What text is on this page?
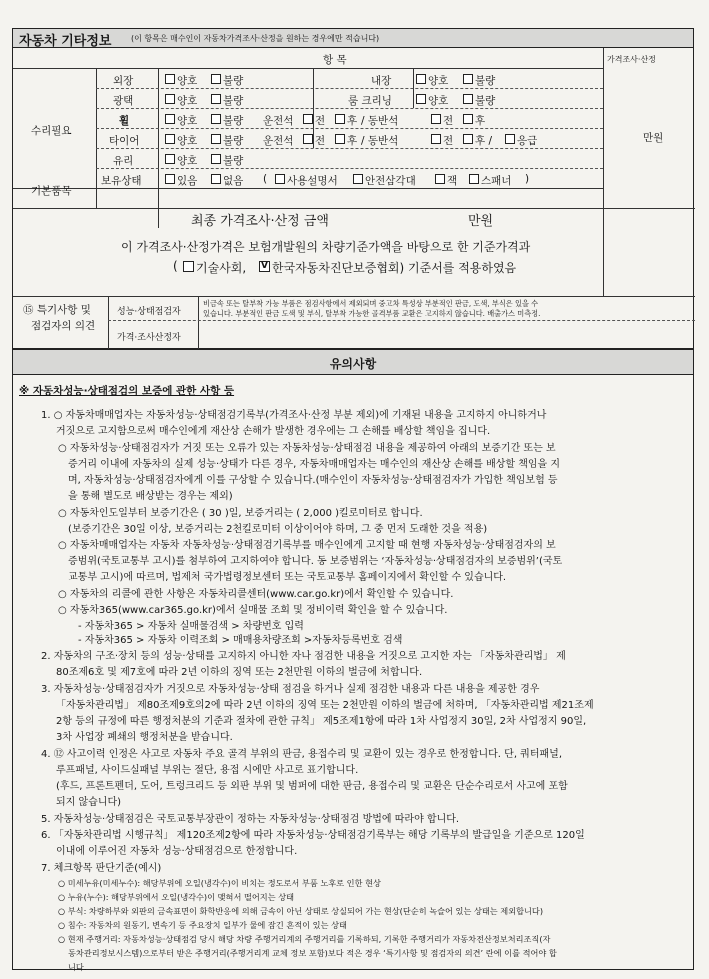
자동차 기타정보 (이 항목은 매수인이 자동차가격조사·산정을 원하는 경우에만 적습니다)
항 목	가격조사·산정
수리필요
기본품목
만원
외장	양호 불량	내장	양호	불량
광택	양호 불량	룸 크리닝	양호	불량
휠	양호 불량 운전석 전 후 / 동반석	전 후
타이어	양호 불량 운전석 전 후 / 동반석	전 후 / 응급
유리	양호 불량
보유상태	있음 없음 ( 사용설명서	안전삼각대	잭 스패너 )
최종 가격조사·산정 금액	만원
이 가격조사·산정가격은 보험개발원의 차량기준가액을 바탕으로 한 기준가격과
( 기술사회, V 한국자동차진단보증협회) 기준서를 적용하였음
⑮ 특기사항 및
점검자의 의견
성능·상태점검자
가격·조사산정자
비금속 또는 탈부착 가능 부품은 점검사항에서 제외되며 중고차 특성상 부분적인 판금, 도색, 부식은 있을 수
있습니다. 부분적인 판금 도색 및 부식, 탈부착 가능한 골격부품 교환은 고지하지 않습니다. 배출가스 미측정.
유의사항
※ 자동차성능·상태점검의 보증에 관한 사항 등
1. ○ 자동차매매업자는 자동차성능·상태점검기록부(가격조사·산정 부분 제외)에 기재된 내용을 고지하지 아니하거나
거짓으로 고지함으로써 매수인에게 재산상 손해가 발생한 경우에는 그 손해를 배상할 책임을 집니다.
○ 자동차성능·상태점검자가 거짓 또는 오류가 있는 자동차성능·상태점검 내용을 제공하여 아래의 보증기간 또는 보
증거리 이내에 자동차의 실제 성능·상태가 다른 경우, 자동차매매업자는 매수인의 재산상 손해를 배상할 책임을 지
며, 자동차성능·상태점검자에게 이를 구상할 수 있습니다.(매수인이 자동차성능·상태점검자가 가입한 책임보험 등
을 통해 별도로 배상받는 경우는 제외)
○ 자동차인도일부터 보증기간은 ( 30 )일, 보증거리는 ( 2,000 )킬로미터로 합니다.
(보증기간은 30일 이상, 보증거리는 2천킬로미터 이상이어야 하며, 그 중 먼저 도래한 것을 적용)
○ 자동차매매업자는 자동차 자동차성능·상태점검기록부를 매수인에게 고지할 때 현행 자동차성능·상태점검자의 보
증범위(국토교통부 고시)를 첨부하여 고지하여야 합니다. 동 보증범위는 ‘자동차성능·상태점검자의 보증범위’(국토
교통부 고시)에 따르며, 법제처 국가법령정보센터 또는 국토교통부 홈페이지에서 확인할 수 있습니다.
○ 자동차의 리콜에 관한 사항은 자동차리콜센터(www.car.go.kr)에서 확인할 수 있습니다.
○ 자동차365(www.car365.go.kr)에서 실매물 조회 및 정비이력 확인을 할 수 있습니다.
- 자동차365 > 자동차 실매물검색 > 차량번호 입력
- 자동차365 > 자동차 이력조회 > 매매용차량조회 >자동차등록번호 검색
2. 자동차의 구조·장치 등의 성능·상태를 고지하지 아니한 자나 점검한 내용을 거짓으로 고지한 자는 「자동차관리법」 제
80조제6호 및 제7호에 따라 2년 이하의 징역 또는 2천만원 이하의 벌금에 처합니다.
3. 자동차성능·상태점검자가 거짓으로 자동차성능·상태 점검을 하거나 실제 점검한 내용과 다른 내용을 제공한 경우
「자동차관리법」 제80조제9호의2에 따라 2년 이하의 징역 또는 2천만원 이하의 벌금에 처하며, 「자동차관리법 제21조제
2항 등의 규정에 따른 행정처분의 기준과 절차에 관한 규칙」 제5조제1항에 따라 1차 사업정지 30일, 2차 사업정지 90일,
3차 사업장 폐쇄의 행정처분을 받습니다.
4. ⑫ 사고이력 인정은 사고로 자동차 주요 골격 부위의 판금, 용접수리 및 교환이 있는 경우로 한정합니다. 단, 쿼터패널,
루프패널, 사이드실패널 부위는 절단, 용접 시에만 사고로 표기합니다.
(후드, 프론트펜더, 도어, 트렁크리드 등 외판 부위 및 범퍼에 대한 판금, 용접수리 및 교환은 단순수리로서 사고에 포함
되지 않습니다)
5. 자동차성능·상태점검은 국토교통부장관이 정하는 자동차성능·상태점검 방법에 따라야 합니다.
6. 「자동차관리법 시행규칙」 제120조제2항에 따라 자동차성능·상태점검기록부는 해당 기록부의 발급일을 기준으로 120일
이내에 이루어진 자동차 성능·상태점검으로 한정합니다.
7. 체크항목 판단기준(예시)
○ 미세누유(미세누수): 해당부위에 오일(냉각수)이 비치는 정도로서 부품 노후로 인한 현상
○ 누유(누수): 해당부위에서 오일(냉각수)이 맺혀서 떨어지는 상태
○ 부식: 차량하부와 외판의 금속표면이 화학반응에 의해 금속이 아닌 상태로 상실되어 가는 현상(단순히 녹슬어 있는 상태는 제외합니다)
○ 침수: 자동차의 원동기, 변속기 등 주요장치 일부가 물에 잠긴 흔적이 있는 상태
○ 현재 주행거리: 자동차성능·상태점검 당시 해당 차량 주행거리계의 주행거리를 기록하되, 기록한 주행거리가 자동차전산정보처리조직(자
동차관리정보시스템)으로부터 받은 주행거리(주행거리계 교체 정보 포함)보다 적은 경우 ‘특기사항 및 점검자의 의견’ 란에 이를 적어야 합
니다.
